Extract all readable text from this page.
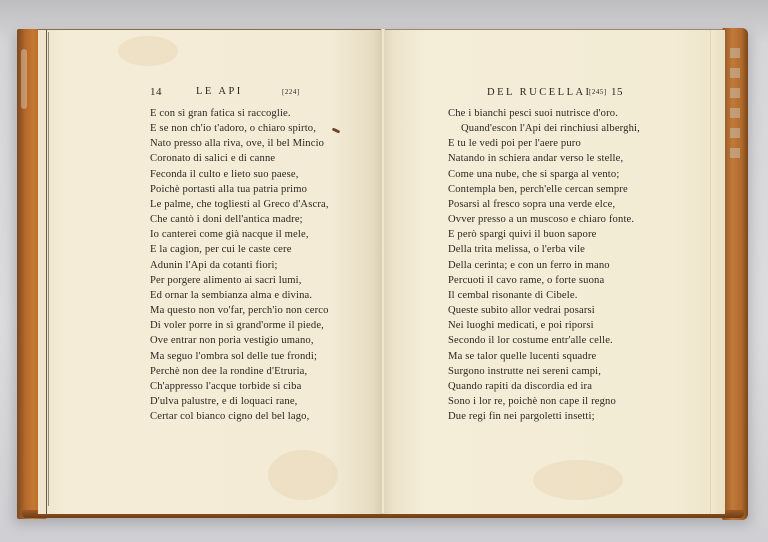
14	LE API	[224]
E con sì gran fatica si raccoglie.
E se non ch'io t'adoro, o chiaro spirto,
Nato presso alla riva, ove, il bel Mincio
Coronato di salici e di canne
Feconda il culto e lieto suo paese,
Poichè portasti alla tua patria primo
Le palme, che togliesti al Greco d'Ascra,
Che cantò i doni dell'antica madre;
Io canterei come già nacque il mele,
E la cagion, per cui le caste cere
Adunin l'Api da cotanti fiori;
Per porgere alimento ai sacri lumi,
Ed ornar la sembianza alma e divina.
Ma questo non vo'far, perch'io non cerco
Di voler porre in sì grand'orme il piede,
Ove entrar non poria vestigio umano,
Ma seguo l'ombra sol delle tue frondi;
Perchè non dee la rondine d'Etruria,
Ch'appresso l'acque torbide si ciba
D'ulva palustre, e di loquaci rane,
Certar col bianco cigno del bel lago,
DEL RUCELLAI
[245] 15
Che i bianchi pesci suoi nutrisce d'oro.
Quand'escon l'Api dei rinchiusi alberghi,
E tu le vedi poi per l'aere puro
Natando in schiera andar verso le stelle,
Come una nube, che si sparga al vento;
Contempla ben, perch'elle cercan sempre
Posarsi al fresco sopra una verde elce,
Ovver presso a un muscoso e chiaro fonte.
E però spargi quivi il buon sapore
Della trita melissa, o l'erba vile
Della cerinta; e con un ferro in mano
Percuoti il cavo rame, o forte suona
Il cembal risonante di Cibele.
Queste subito allor vedrai posarsi
Nei luoghi medicati, e poi riporsi
Secondo il lor costume entr'alle celle.
Ma se talor quelle lucenti squadre
Surgono instrutte nei sereni campi,
Quando rapiti da discordia ed ira
Sono i lor re, poichè non cape il regno
Due regi fin nei pargoletti insetti;
